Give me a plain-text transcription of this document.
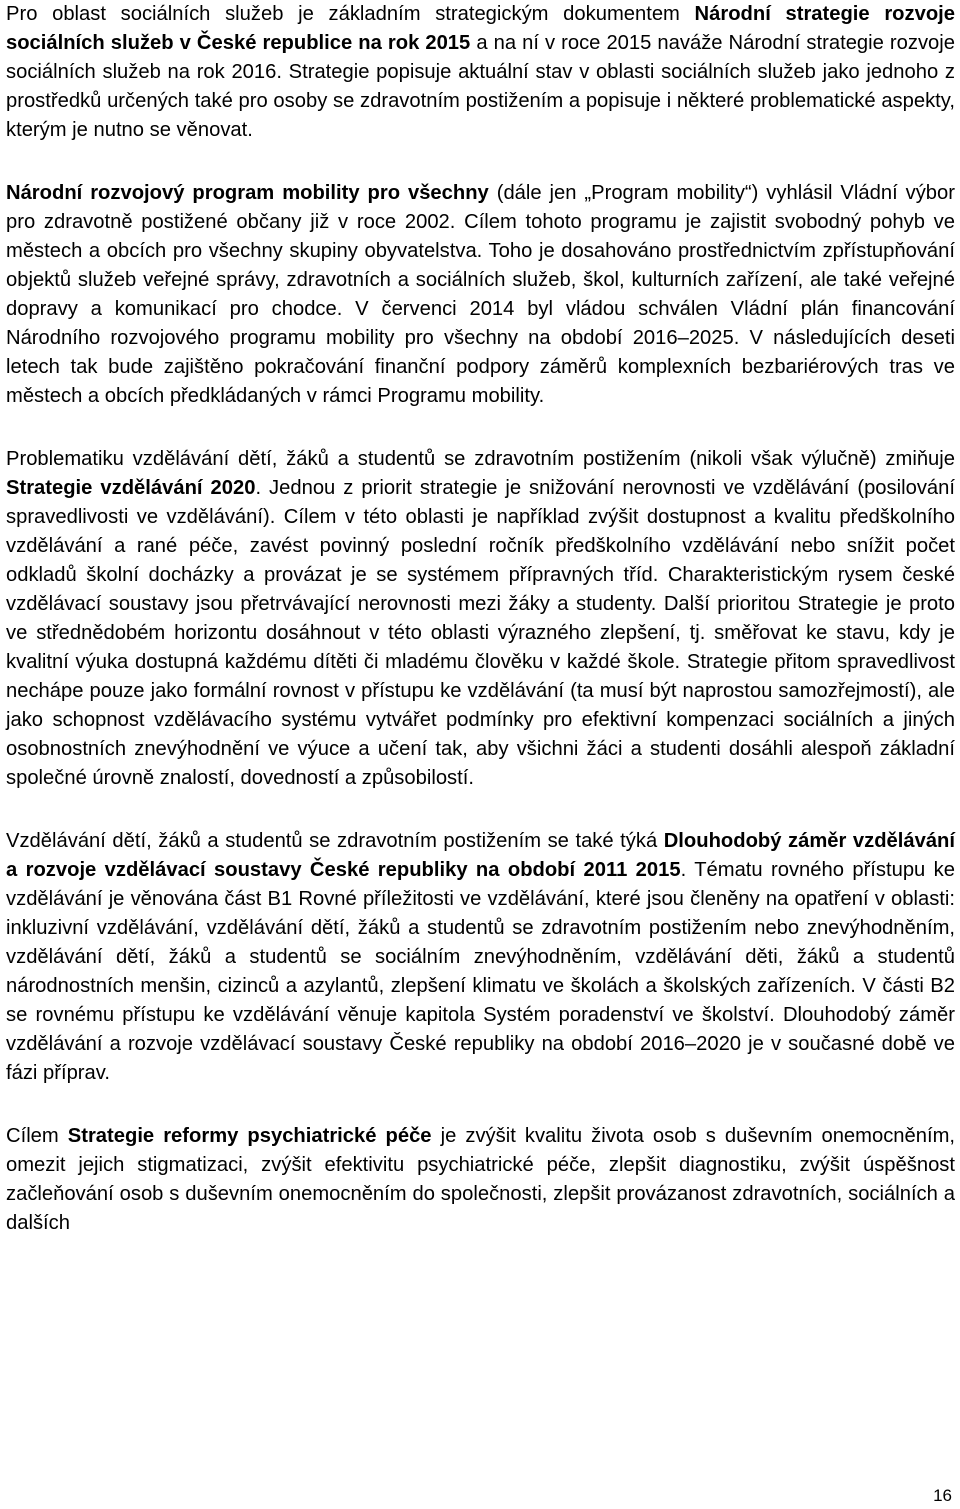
Pro oblast sociálních služeb je základním strategickým dokumentem Národní strategie rozvoje sociálních služeb v České republice na rok 2015 a na ní v roce 2015 naváže Národní strategie rozvoje sociálních služeb na rok 2016. Strategie popisuje aktuální stav v oblasti sociálních služeb jako jednoho z prostředků určených také pro osoby se zdravotním postižením a popisuje i některé problematické aspekty, kterým je nutno se věnovat.

Národní rozvojový program mobility pro všechny (dále jen „Program mobility“) vyhlásil Vládní výbor pro zdravotně postižené občany již v roce 2002. Cílem tohoto programu je zajistit svobodný pohyb ve městech a obcích pro všechny skupiny obyvatelstva. Toho je dosahováno prostřednictvím zpřístupňování objektů služeb veřejné správy, zdravotních a sociálních služeb, škol, kulturních zařízení, ale také veřejné dopravy a komunikací pro chodce. V červenci 2014 byl vládou schválen Vládní plán financování Národního rozvojového programu mobility pro všechny na období 2016–2025. V následujících deseti letech tak bude zajištěno pokračování finanční podpory záměrů komplexních bezbariérových tras ve městech a obcích předkládaných v rámci Programu mobility.

Problematiku vzdělávání dětí, žáků a studentů se zdravotním postižením (nikoli však výlučně) zmiňuje Strategie vzdělávání 2020. Jednou z priorit strategie je snižování nerovnosti ve vzdělávání (posilování spravedlivosti ve vzdělávání). Cílem v této oblasti je například zvýšit dostupnost a kvalitu předškolního vzdělávání a rané péče, zavést povinný poslední ročník předškolního vzdělávání nebo snížit počet odkladů školní docházky a provázat je se systémem přípravných tříd. Charakteristickým rysem české vzdělávací soustavy jsou přetrvávající nerovnosti mezi žáky a studenty. Další prioritou Strategie je proto ve střednědobém horizontu dosáhnout v této oblasti výrazného zlepšení, tj. směřovat ke stavu, kdy je kvalitní výuka dostupná každému dítěti či mladému člověku v každé škole. Strategie přitom spravedlivost nechápe pouze jako formální rovnost v přístupu ke vzdělávání (ta musí být naprostou samozřejmostí), ale jako schopnost vzdělávacího systému vytvářet podmínky pro efektivní kompenzaci sociálních a jiných osobnostních znevýhodnění ve výuce a učení tak, aby všichni žáci a studenti dosáhli alespoň základní společné úrovně znalostí, dovedností a způsobilostí.

Vzdělávání dětí, žáků a studentů se zdravotním postižením se také týká Dlouhodobý záměr vzdělávání a rozvoje vzdělávací soustavy České republiky na období 2011 2015. Tématu rovného přístupu ke vzdělávání je věnována část B1 Rovné příležitosti ve vzdělávání, které jsou členěny na opatření v oblasti: inkluzivní vzdělávání, vzdělávání dětí, žáků a studentů se zdravotním postižením nebo znevýhodněním, vzdělávání dětí, žáků a studentů se sociálním znevýhodněním, vzdělávání děti, žáků a studentů národnostních menšin, cizinců a azylantů, zlepšení klimatu ve školách a školských zařízeních. V části B2 se rovnému přístupu ke vzdělávání věnuje kapitola Systém poradenství ve školství. Dlouhodobý záměr vzdělávání a rozvoje vzdělávací soustavy České republiky na období 2016–2020 je v současné době ve fázi příprav.

Cílem Strategie reformy psychiatrické péče je zvýšit kvalitu života osob s duševním onemocněním, omezit jejich stigmatizaci, zvýšit efektivitu psychiatrické péče, zlepšit diagnostiku, zvýšit úspěšnost začleňování osob s duševním onemocněním do společnosti, zlepšit provázanost zdravotních, sociálních a dalších

16
